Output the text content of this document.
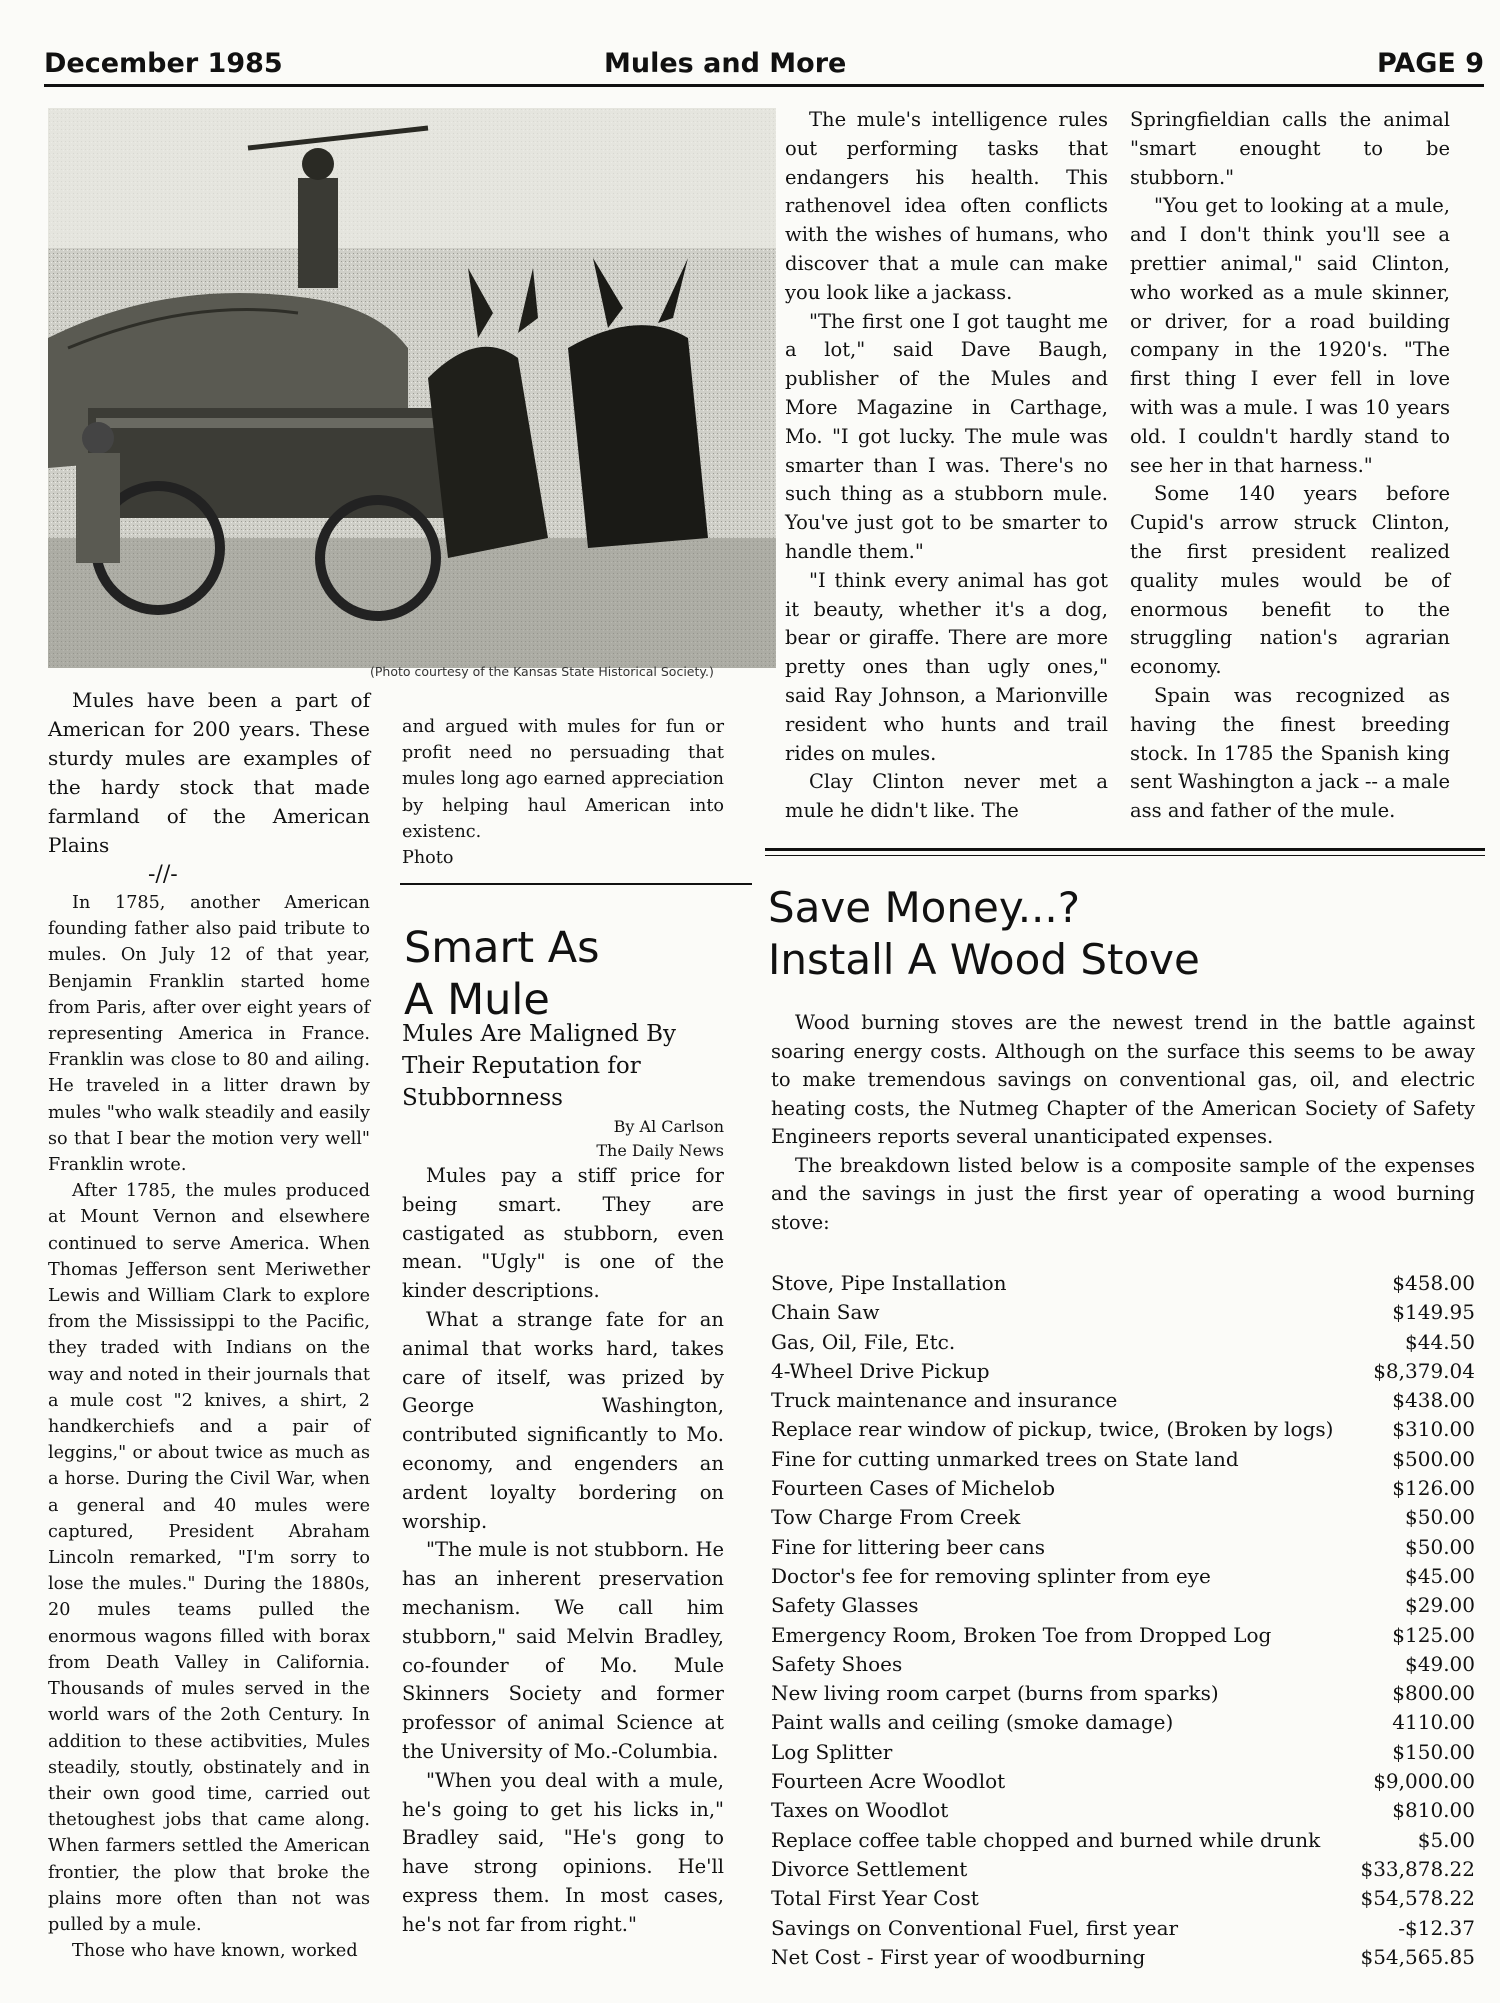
December 1985	Mules and More	PAGE 9
(Photo courtesy of the Kansas State Historical Society.)

Mules have been a part of American for 200 years. These sturdy mules are examples of the hardy stock that made farmland of the American Plains

-//-

In 1785, another American founding father also paid tribute to mules. On July 12 of that year, Benjamin Franklin started home from Paris, after over eight years of representing America in France. Franklin was close to 80 and ailing. He traveled in a litter drawn by mules "who walk steadily and easily so that I bear the motion very well" Franklin wrote.

After 1785, the mules produced at Mount Vernon and elsewhere continued to serve America. When Thomas Jefferson sent Meriwether Lewis and William Clark to explore from the Mississippi to the Pacific, they traded with Indians on the way and noted in their journals that a mule cost "2 knives, a shirt, 2 handkerchiefs and a pair of leggins," or about twice as much as a horse. During the Civil War, when a general and 40 mules were captured, President Abraham Lincoln remarked, "I'm sorry to lose the mules." During the 1880s, 20 mules teams pulled the enormous wagons filled with borax from Death Valley in California. Thousands of mules served in the world wars of the 2oth Century. In addition to these actibvities, Mules steadily, stoutly, obstinately and in their own good time, carried out thetoughest jobs that came along. When farmers settled the American frontier, the plow that broke the plains more often than not was pulled by a mule.

Those who have known, worked

and argued with mules for fun or profit need no persuading that mules long ago earned appreciation by helping haul American into existenc.

Photo

Smart As
A Mule
Mules Are Maligned By Their Reputation for Stubbornness
By Al Carlson
The Daily News

Mules pay a stiff price for being smart. They are castigated as stubborn, even mean. "Ugly" is one of the kinder descriptions.

What a strange fate for an animal that works hard, takes care of itself, was prized by George Washington, contributed significantly to Mo. economy, and engenders an ardent loyalty bordering on worship.

"The mule is not stubborn. He has an inherent preservation mechanism. We call him stubborn," said Melvin Bradley, co-founder of Mo. Mule Skinners Society and former professor of animal Science at the University of Mo.-Columbia.

"When you deal with a mule, he's going to get his licks in," Bradley said, "He's gong to have strong opinions. He'll express them. In most cases, he's not far from right."

The mule's intelligence rules out performing tasks that endangers his health. This rathenovel idea often conflicts with the wishes of humans, who discover that a mule can make you look like a jackass.

"The first one I got taught me a lot," said Dave Baugh, publisher of the Mules and More Magazine in Carthage, Mo. "I got lucky. The mule was smarter than I was. There's no such thing as a stubborn mule. You've just got to be smarter to handle them."

"I think every animal has got it beauty, whether it's a dog, bear or giraffe. There are more pretty ones than ugly ones," said Ray Johnson, a Marionville resident who hunts and trail rides on mules.

Clay Clinton never met a mule he didn't like. The

Springfieldian calls the animal "smart enought to be stubborn."

"You get to looking at a mule, and I don't think you'll see a prettier animal," said Clinton, who worked as a mule skinner, or driver, for a road building company in the 1920's. "The first thing I ever fell in love with was a mule. I was 10 years old. I couldn't hardly stand to see her in that harness."

Some 140 years before Cupid's arrow struck Clinton, the first president realized quality mules would be of enormous benefit to the struggling nation's agrarian economy.

Spain was recognized as having the finest breeding stock. In 1785 the Spanish king sent Washington a jack -- a male ass and father of the mule.

Save Money...?
Install A Wood Stove

Wood burning stoves are the newest trend in the battle against soaring energy costs. Although on the surface this seems to be away to make tremendous savings on conventional gas, oil, and electric heating costs, the Nutmeg Chapter of the American Society of Safety Engineers reports several unanticipated expenses.

The breakdown listed below is a composite sample of the expenses and the savings in just the first year of operating a wood burning stove:

Stove, Pipe Installation	$458.00
Chain Saw	$149.95
Gas, Oil, File, Etc.	$44.50
4-Wheel Drive Pickup	$8,379.04
Truck maintenance and insurance	$438.00
Replace rear window of pickup, twice, (Broken by logs)	$310.00
Fine for cutting unmarked trees on State land	$500.00
Fourteen Cases of Michelob	$126.00
Tow Charge From Creek	$50.00
Fine for littering beer cans	$50.00
Doctor's fee for removing splinter from eye	$45.00
Safety Glasses	$29.00
Emergency Room, Broken Toe from Dropped Log	$125.00
Safety Shoes	$49.00
New living room carpet (burns from sparks)	$800.00
Paint walls and ceiling (smoke damage)	4110.00
Log Splitter	$150.00
Fourteen Acre Woodlot	$9,000.00
Taxes on Woodlot	$810.00
Replace coffee table chopped and burned while drunk	$5.00
Divorce Settlement	$33,878.22
Total First Year Cost	$54,578.22
Savings on Conventional Fuel, first year	-$12.37
Net Cost - First year of woodburning	$54,565.85
